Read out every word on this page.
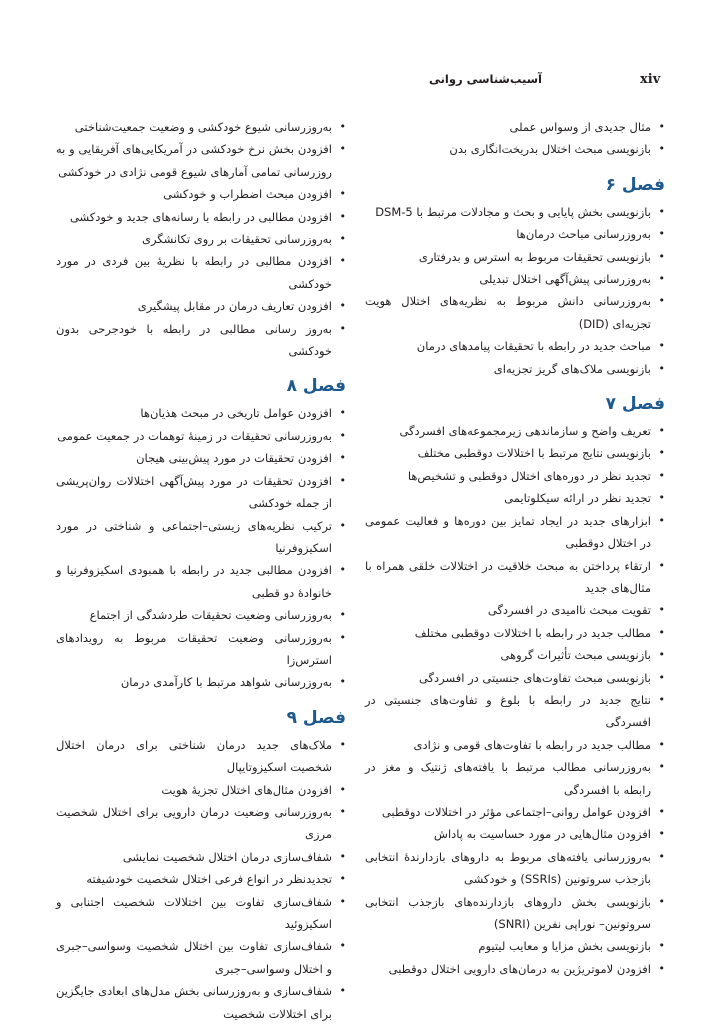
xiv
آسیب‌شناسی روانی
• مثال جدیدی از وسواس عملی
• بازنویسی مبحث اختلال بدریخت‌انگاری بدن
فصل ۶
• بازنویسی بخش پایایی و بحث و مجادلات مرتبط با DSM-5
• به‌روزرسانی مباحث درمان‌ها
• بازنویسی تحقیقات مربوط به استرس و بدرفتاری
• به‌روزرسانی پیش‌آگهی اختلال تبدیلی
• به‌روزرسانی دانش مربوط به نظریه‌های اختلال هویت تجزیه‌ای (DID)
• مباحث جدید در رابطه با تحقیقات پیامدهای درمان
• بازنویسی ملاک‌های گریز تجزیه‌ای
فصل ۷
• تعریف واضح و سازماندهی زیرمجموعه‌های افسردگی
• بازنویسی نتایج مرتبط با اختلالات دوقطبی مختلف
• تجدید نظر در دوره‌های اختلال دوقطبی و تشخیص‌ها
• تجدید نظر در ارائه سیکلوتایمی
• ابزارهای جدید در ایجاد تمایز بین دوره‌ها و فعالیت عمومی در اختلال دوقطبی
• ارتقاء پرداختن به مبحث خلاقیت در اختلالات خلقی همراه با مثال‌های جدید
• تقویت مبحث ناامیدی در افسردگی
• مطالب جدید در رابطه با اختلالات دوقطبی مختلف
• بازنویسی مبحث تأثیرات گروهی
• بازنویسی مبحث تفاوت‌های جنسیتی در افسردگی
• نتایج جدید در رابطه با بلوغ و تفاوت‌های جنسیتی در افسردگی
• مطالب جدید در رابطه با تفاوت‌های قومی و نژادی
• به‌روزرسانی مطالب مرتبط با یافته‌های ژنتیک و مغز در رابطه با افسردگی
• افزودن عوامل روانی–اجتماعی مؤثر در اختلالات دوقطبی
• افزودن مثال‌هایی در مورد حساسیت به پاداش
• به‌روزرسانی یافته‌های مربوط به داروهای بازدارندۀ انتخابی بازجذب سروتونین (SSRIs) و خودکشی
• بازنویسی بخش داروهای بازدارنده‌های بازجذب انتخابی سروتونین– نوراپی نفرین (SNRI)
• بازنویسی بخش مزایا و معایب لیتیوم
• افزودن لاموتریژین به درمان‌های دارویی اختلال دوقطبی
• به‌روزرسانی شیوع خودکشی و وضعیت جمعیت‌شناختی
• افزودن بخش نرخ خودکشی در آمریکایی‌های آفریقایی و به روزرسانی تمامی آمارهای شیوع قومی نژادی در خودکشی
• افزودن مبحث اضطراب و خودکشی
• افزودن مطالبی در رابطه با رسانه‌های جدید و خودکشی
• به‌روزرسانی تحقیقات بر روی تکانشگری
• افزودن مطالبی در رابطه با نظریۀ بین فردی در مورد خودکشی
• افزودن تعاریف درمان در مقابل پیشگیری
• به‌روز رسانی مطالبی در رابطه با خودجرحی بدون خودکشی
فصل ۸
• افزودن عوامل تاریخی در مبحث هذیان‌ها
• به‌روزرسانی تحقیقات در زمینۀ توهمات در جمعیت عمومی
• افزودن تحقیقات در مورد پیش‌بینی هیجان
• افزودن تحقیقات در مورد پیش‌آگهی اختلالات روان‌پریشی از جمله خودکشی
• ترکیب نظریه‌های زیستی–اجتماعی و شناختی در مورد اسکیزوفرنیا
• افزودن مطالبی جدید در رابطه با همبودی اسکیزوفرنیا و خانوادۀ دو قطبی
• به‌روزرسانی وضعیت تحقیقات طردشدگی از اجتماع
• به‌روزرسانی وضعیت تحقیقات مربوط به رویدادهای استرس‌زا
• به‌روزرسانی شواهد مرتبط با کارآمدی درمان
فصل ۹
• ملاک‌های جدید درمان شناختی برای درمان اختلال شخصیت اسکیزوتایپال
• افزودن مثال‌های اختلال تجزیۀ هویت
• به‌روزرسانی وضعیت درمان دارویی برای اختلال شخصیت مرزی
• شفاف‌سازی درمان اختلال شخصیت نمایشی
• تجدیدنظر در انواع فرعی اختلال شخصیت خودشیفته
• شفاف‌سازی تفاوت بین اختلالات شخصیت اجتنابی و اسکیزوئید
• شفاف‌سازی تفاوت بین اختلال شخصیت وسواسی–جبری و اختلال وسواسی–جبری
• شفاف‌سازی و به‌روزرسانی بخش مدل‌های ابعادی جایگزین برای اختلالات شخصیت
